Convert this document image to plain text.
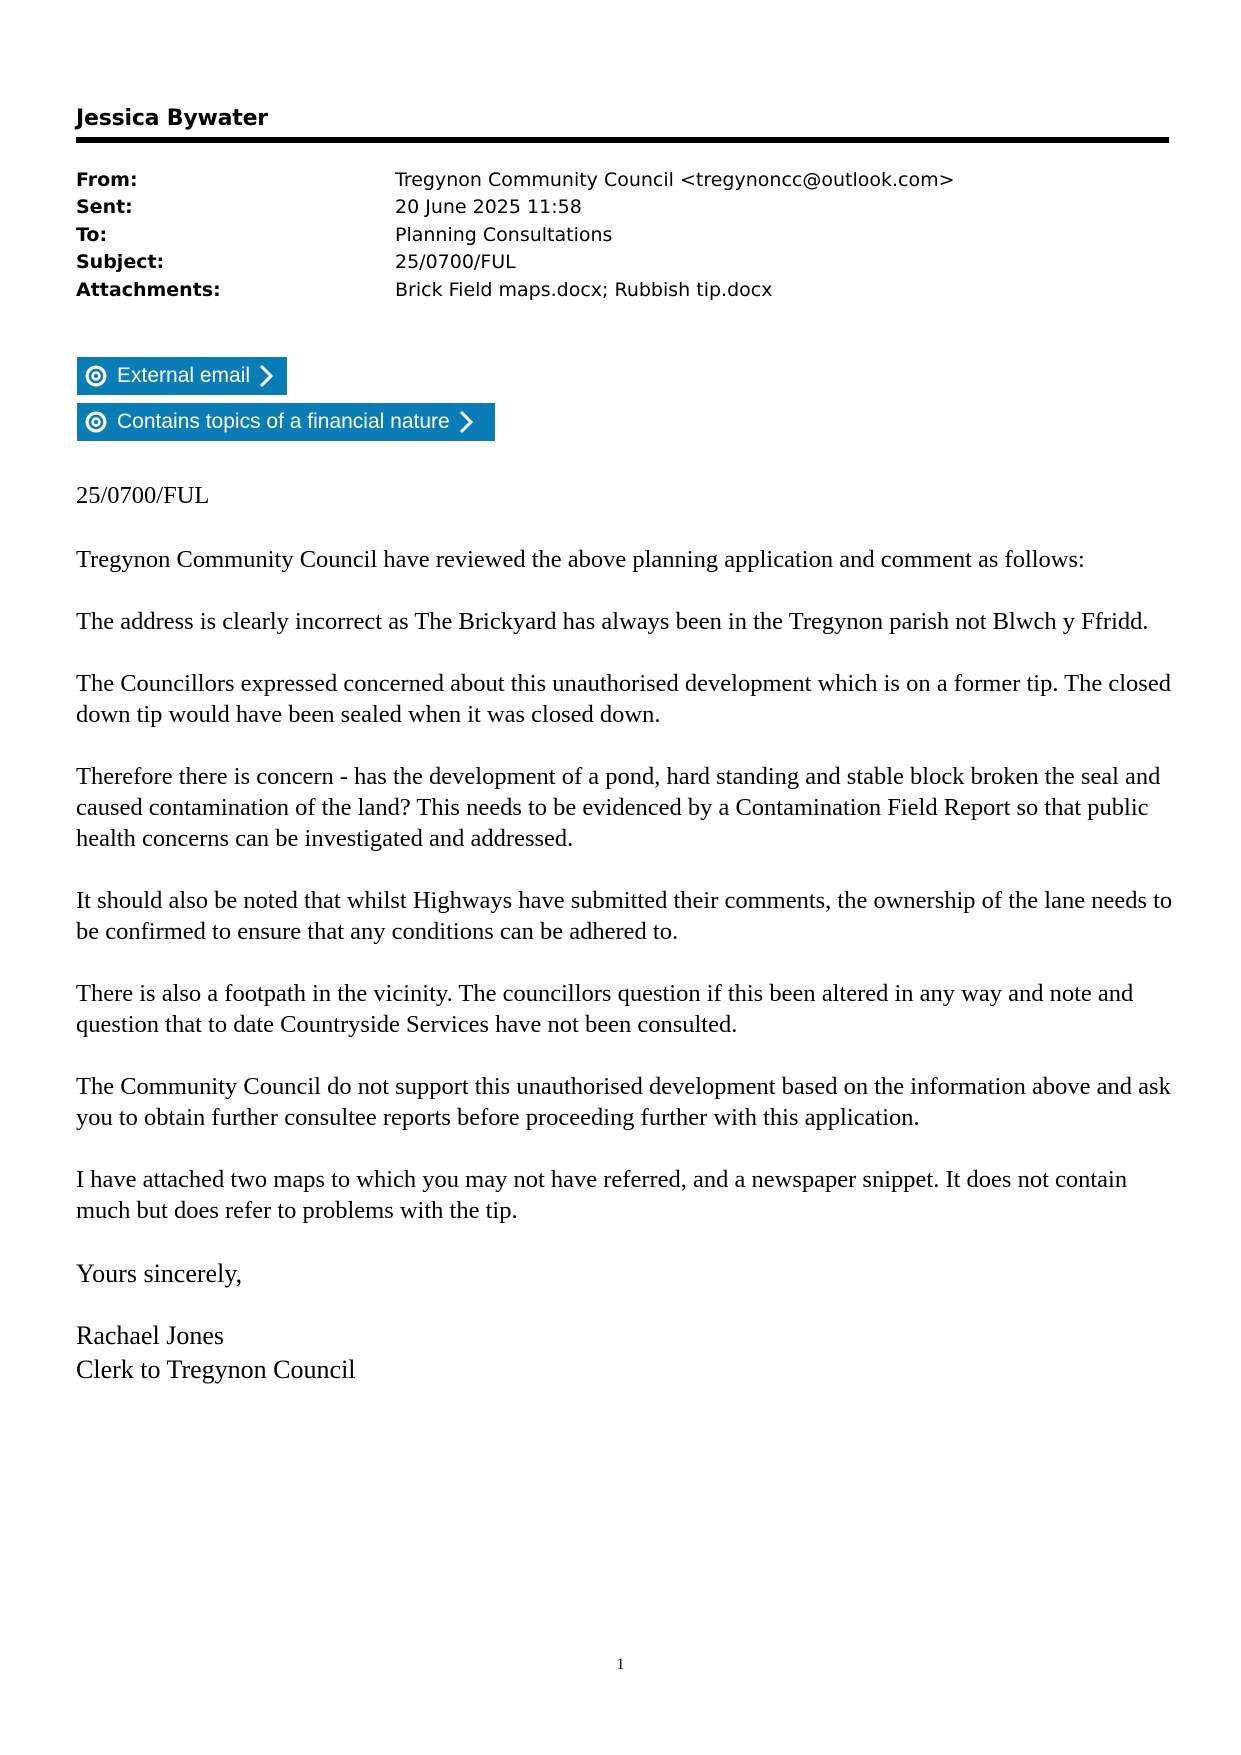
Jessica Bywater
From:	Tregynon Community Council <tregynoncc@outlook.com>
Sent:	20 June 2025 11:58
To:	Planning Consultations
Subject:	25/0700/FUL
Attachments:	Brick Field maps.docx; Rubbish tip.docx
External email
Contains topics of a financial nature

25/0700/FUL

Tregynon Community Council have reviewed the above planning application and comment as follows:

The address is clearly incorrect as The Brickyard has always been in the Tregynon parish not Blwch y Ffridd.

The Councillors expressed concerned about this unauthorised development which is on a former tip. The closed down tip would have been sealed when it was closed down.

Therefore there is concern - has the development of a pond, hard standing and stable block broken the seal and caused contamination of the land? This needs to be evidenced by a Contamination Field Report so that public health concerns can be investigated and addressed.

It should also be noted that whilst Highways have submitted their comments, the ownership of the lane needs to be confirmed to ensure that any conditions can be adhered to.

There is also a footpath in the vicinity. The councillors question if this been altered in any way and note and question that to date Countryside Services have not been consulted.

The Community Council do not support this unauthorised development based on the information above and ask you to obtain further consultee reports before proceeding further with this application.

I have attached two maps to which you may not have referred, and a newspaper snippet. It does not contain much but does refer to problems with the tip.

Yours sincerely,

Rachael Jones
Clerk to Tregynon Council
1
